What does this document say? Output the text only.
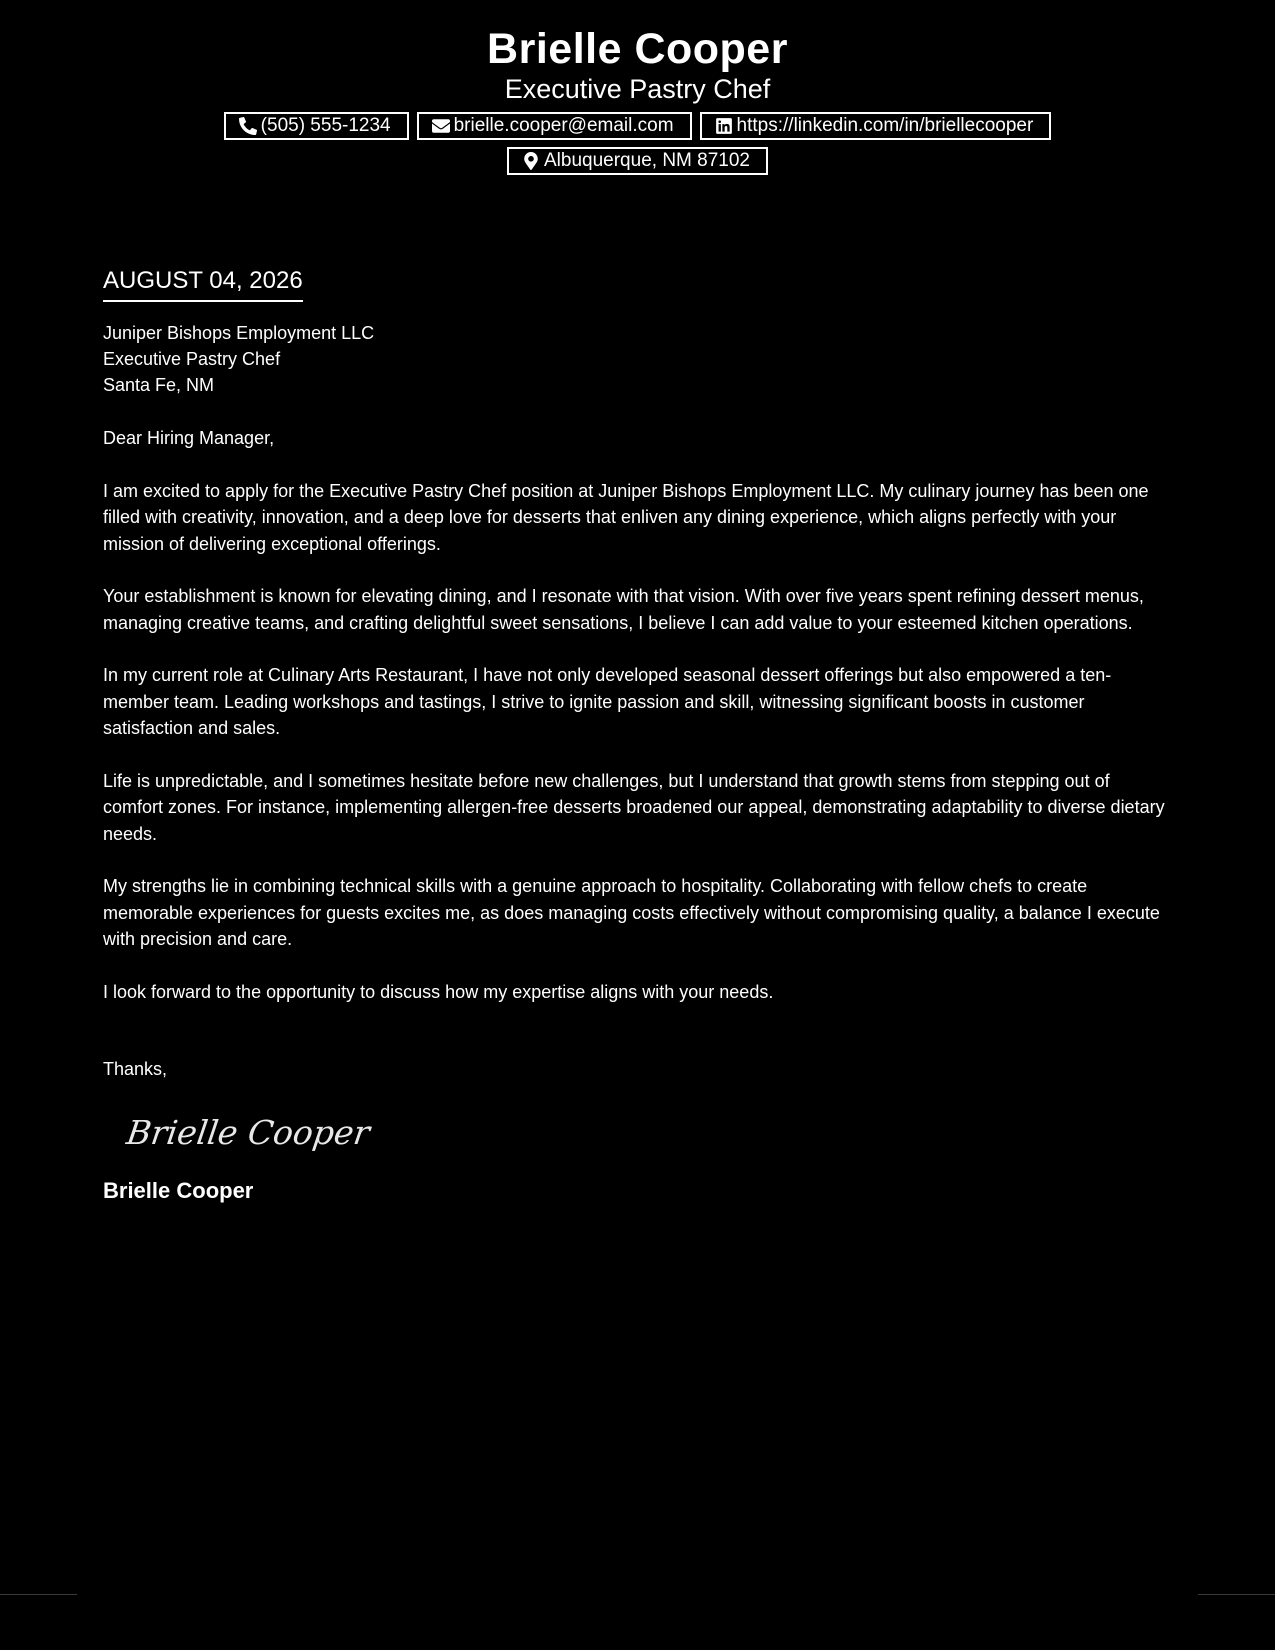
Brielle Cooper
Executive Pastry Chef
(505) 555-1234	brielle.cooper@email.com	https://linkedin.com/in/briellecooper
Albuquerque, NM 87102
AUGUST 04, 2026
Juniper Bishops Employment LLC
Executive Pastry Chef
Santa Fe, NM
Dear Hiring Manager,
I am excited to apply for the Executive Pastry Chef position at Juniper Bishops Employment LLC. My culinary journey has been one filled with creativity, innovation, and a deep love for desserts that enliven any dining experience, which aligns perfectly with your mission of delivering exceptional offerings.
Your establishment is known for elevating dining, and I resonate with that vision. With over five years spent refining dessert menus, managing creative teams, and crafting delightful sweet sensations, I believe I can add value to your esteemed kitchen operations.
In my current role at Culinary Arts Restaurant, I have not only developed seasonal dessert offerings but also empowered a ten-member team. Leading workshops and tastings, I strive to ignite passion and skill, witnessing significant boosts in customer satisfaction and sales.
Life is unpredictable, and I sometimes hesitate before new challenges, but I understand that growth stems from stepping out of comfort zones. For instance, implementing allergen-free desserts broadened our appeal, demonstrating adaptability to diverse dietary needs.
My strengths lie in combining technical skills with a genuine approach to hospitality. Collaborating with fellow chefs to create memorable experiences for guests excites me, as does managing costs effectively without compromising quality, a balance I execute with precision and care.
I look forward to the opportunity to discuss how my expertise aligns with your needs.
Thanks,
Brielle Cooper
Brielle Cooper
